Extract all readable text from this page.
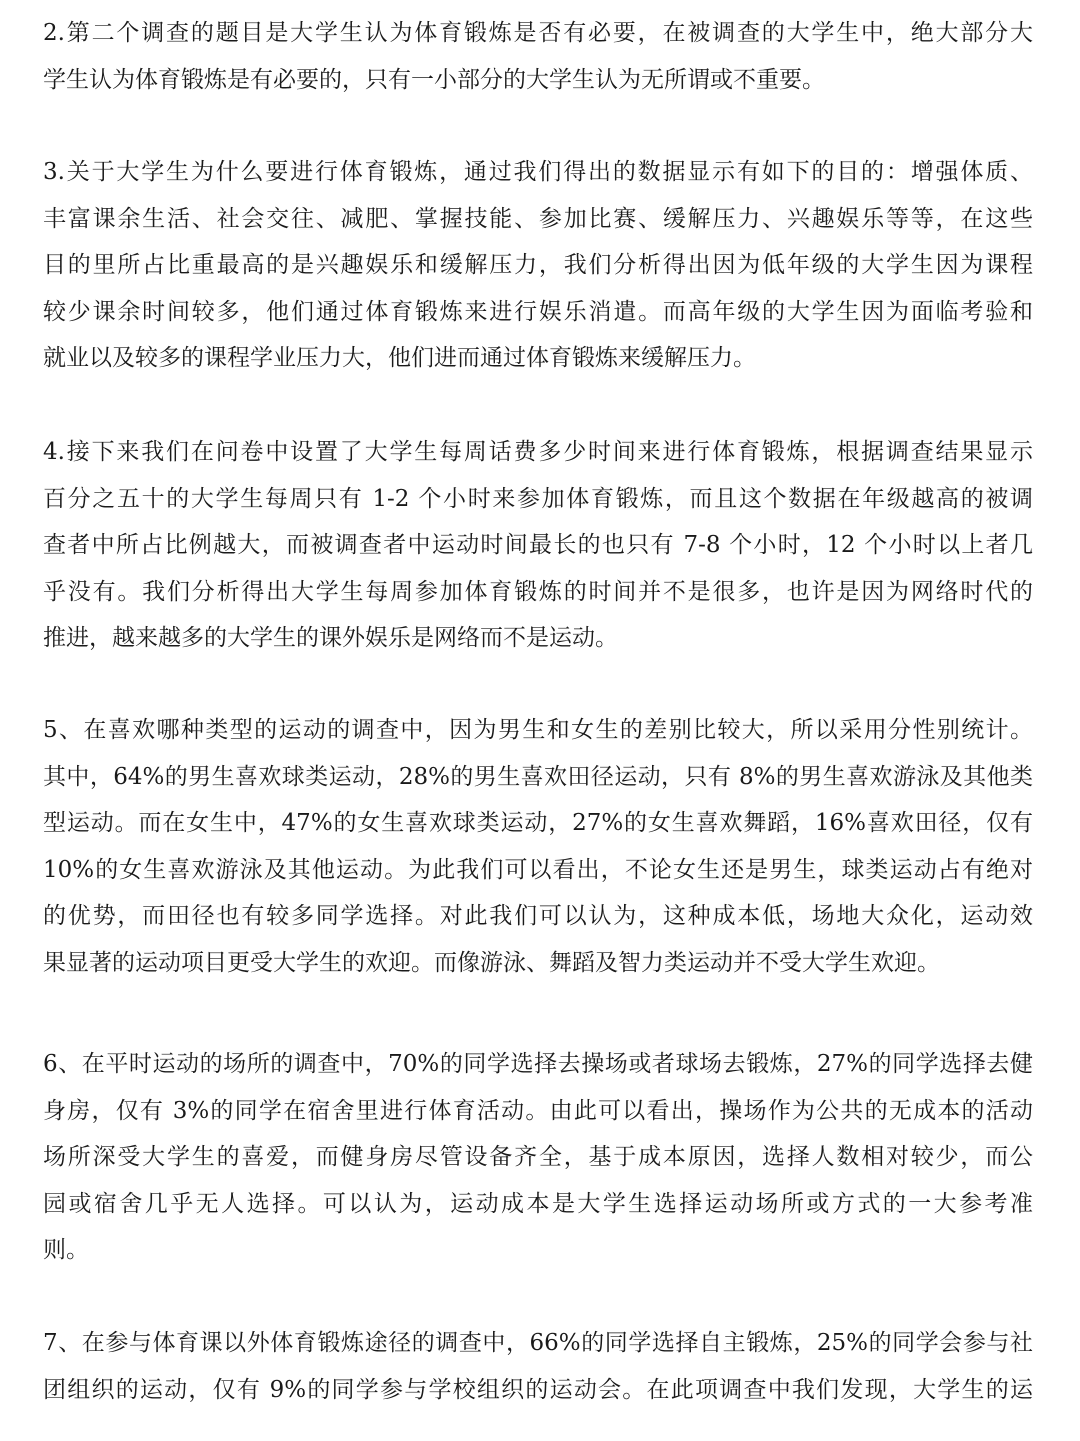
2.第二个调查的题目是大学生认为体育锻炼是否有必要，在被调查的大学生中，绝大部分大
学生认为体育锻炼是有必要的，只有一小部分的大学生认为无所谓或不重要。
3.关于大学生为什么要进行体育锻炼，通过我们得出的数据显示有如下的目的：增强体质、
丰富课余生活、社会交往、减肥、掌握技能、参加比赛、缓解压力、兴趣娱乐等等，在这些
目的里所占比重最高的是兴趣娱乐和缓解压力，我们分析得出因为低年级的大学生因为课程
较少课余时间较多，他们通过体育锻炼来进行娱乐消遣。而高年级的大学生因为面临考验和
就业以及较多的课程学业压力大，他们进而通过体育锻炼来缓解压力。
4.接下来我们在问卷中设置了大学生每周话费多少时间来进行体育锻炼，根据调查结果显示
百分之五十的大学生每周只有 1-2 个小时来参加体育锻炼，而且这个数据在年级越高的被调
查者中所占比例越大，而被调查者中运动时间最长的也只有 7-8 个小时，12 个小时以上者几
乎没有。我们分析得出大学生每周参加体育锻炼的时间并不是很多，也许是因为网络时代的
推进，越来越多的大学生的课外娱乐是网络而不是运动。
5、在喜欢哪种类型的运动的调查中，因为男生和女生的差别比较大，所以采用分性别统计。
其中，64%的男生喜欢球类运动，28%的男生喜欢田径运动，只有 8%的男生喜欢游泳及其他类
型运动。而在女生中，47%的女生喜欢球类运动，27%的女生喜欢舞蹈，16%喜欢田径，仅有
10%的女生喜欢游泳及其他运动。为此我们可以看出，不论女生还是男生，球类运动占有绝对
的优势，而田径也有较多同学选择。对此我们可以认为，这种成本低，场地大众化，运动效
果显著的运动项目更受大学生的欢迎。而像游泳、舞蹈及智力类运动并不受大学生欢迎。
6、在平时运动的场所的调查中，70%的同学选择去操场或者球场去锻炼，27%的同学选择去健
身房，仅有 3%的同学在宿舍里进行体育活动。由此可以看出，操场作为公共的无成本的活动
场所深受大学生的喜爱，而健身房尽管设备齐全，基于成本原因，选择人数相对较少，而公
园或宿舍几乎无人选择。可以认为，运动成本是大学生选择运动场所或方式的一大参考准
则。
7、在参与体育课以外体育锻炼途径的调查中，66%的同学选择自主锻炼，25%的同学会参与社
团组织的运动，仅有 9%的同学参与学校组织的运动会。在此项调查中我们发现，大学生的运
